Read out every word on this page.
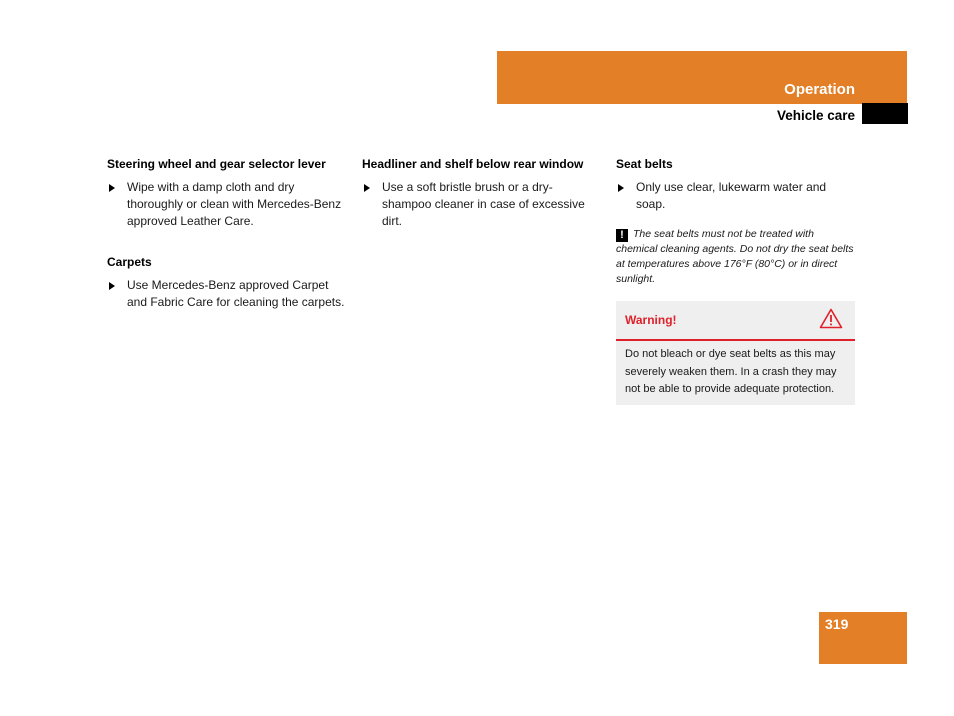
Operation
Vehicle care
Steering wheel and gear selector lever
Wipe with a damp cloth and dry thoroughly or clean with Mercedes-Benz approved Leather Care.
Carpets
Use Mercedes-Benz approved Carpet and Fabric Care for cleaning the carpets.
Headliner and shelf below rear window
Use a soft bristle brush or a dry-shampoo cleaner in case of excessive dirt.
Seat belts
Only use clear, lukewarm water and soap.
! The seat belts must not be treated with chemical cleaning agents. Do not dry the seat belts at temperatures above 176°F (80°C) or in direct sunlight.
Warning!
Do not bleach or dye seat belts as this may severely weaken them. In a crash they may not be able to provide adequate protection.
319
